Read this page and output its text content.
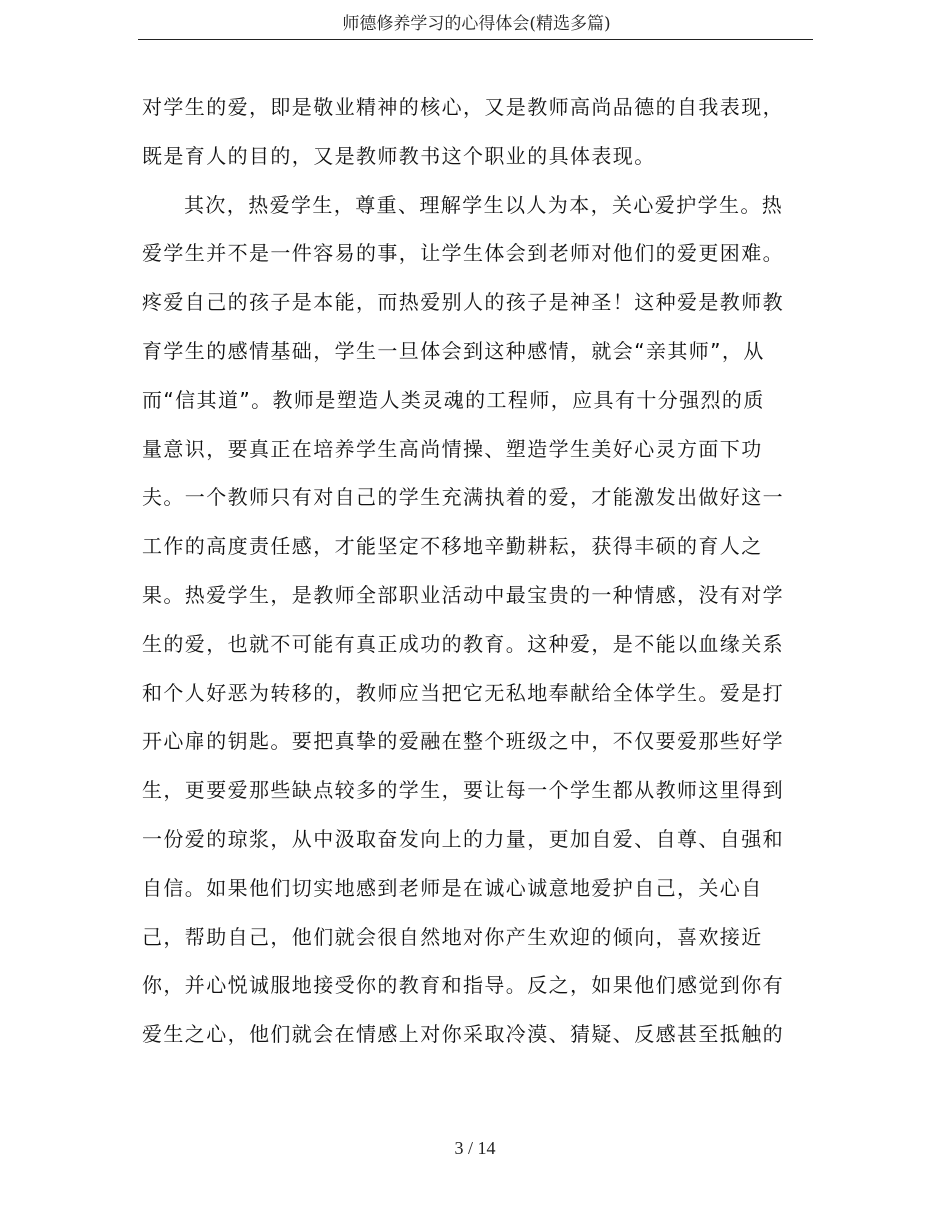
师德修养学习的心得体会(精选多篇)
对学生的爱，即是敬业精神的核心，又是教师高尚品德的自我表现，
既是育人的目的，又是教师教书这个职业的具体表现。
其次，热爱学生，尊重、理解学生以人为本，关心爱护学生。热
爱学生并不是一件容易的事，让学生体会到老师对他们的爱更困难。
疼爱自己的孩子是本能，而热爱别人的孩子是神圣！这种爱是教师教
育学生的感情基础，学生一旦体会到这种感情，就会“亲其师”，从
而“信其道”。教师是塑造人类灵魂的工程师，应具有十分强烈的质
量意识，要真正在培养学生高尚情操、塑造学生美好心灵方面下功
夫。一个教师只有对自己的学生充满执着的爱，才能激发出做好这一
工作的高度责任感，才能坚定不移地辛勤耕耘，获得丰硕的育人之
果。热爱学生，是教师全部职业活动中最宝贵的一种情感，没有对学
生的爱，也就不可能有真正成功的教育。这种爱，是不能以血缘关系
和个人好恶为转移的，教师应当把它无私地奉献给全体学生。爱是打
开心扉的钥匙。要把真挚的爱融在整个班级之中，不仅要爱那些好学
生，更要爱那些缺点较多的学生，要让每一个学生都从教师这里得到
一份爱的琼浆，从中汲取奋发向上的力量，更加自爱、自尊、自强和
自信。如果他们切实地感到老师是在诚心诚意地爱护自己，关心自
己，帮助自己，他们就会很自然地对你产生欢迎的倾向，喜欢接近
你，并心悦诚服地接受你的教育和指导。反之，如果他们感觉到你有
爱生之心，他们就会在情感上对你采取冷漠、猜疑、反感甚至抵触的
3 / 14
